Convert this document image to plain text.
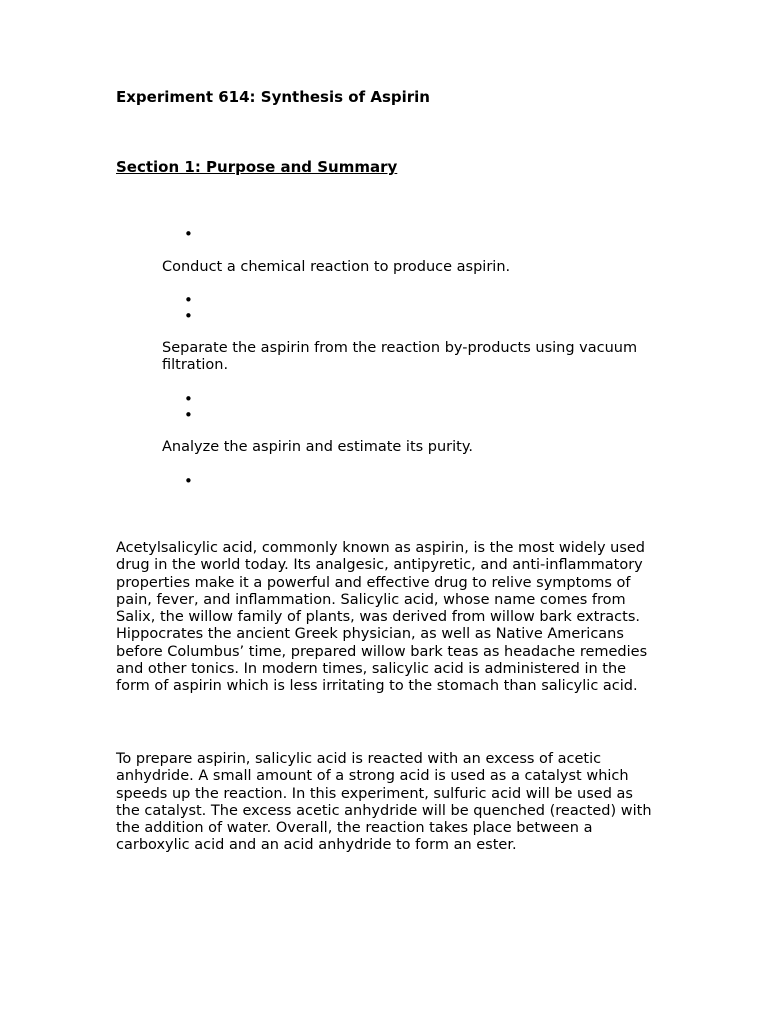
Experiment 614: Synthesis of Aspirin
Section 1: Purpose and Summary
•
Conduct a chemical reaction to produce aspirin.
•
•
Separate the aspirin from the reaction by-products using vacuum filtration.
•
•
Analyze the aspirin and estimate its purity.
•
Acetylsalicylic acid, commonly known as aspirin, is the most widely used drug in the world today. Its analgesic, antipyretic, and anti-inflammatory properties make it a powerful and effective drug to relive symptoms of pain, fever, and inflammation. Salicylic acid, whose name comes from Salix, the willow family of plants, was derived from willow bark extracts. Hippocrates the ancient Greek physician, as well as Native Americans before Columbus’ time, prepared willow bark teas as headache remedies and other tonics. In modern times, salicylic acid is administered in the form of aspirin which is less irritating to the stomach than salicylic acid.
To prepare aspirin, salicylic acid is reacted with an excess of acetic anhydride. A small amount of a strong acid is used as a catalyst which speeds up the reaction. In this experiment, sulfuric acid will be used as the catalyst. The excess acetic anhydride will be quenched (reacted) with the addition of water. Overall, the reaction takes place between a carboxylic acid and an acid anhydride to form an ester.
